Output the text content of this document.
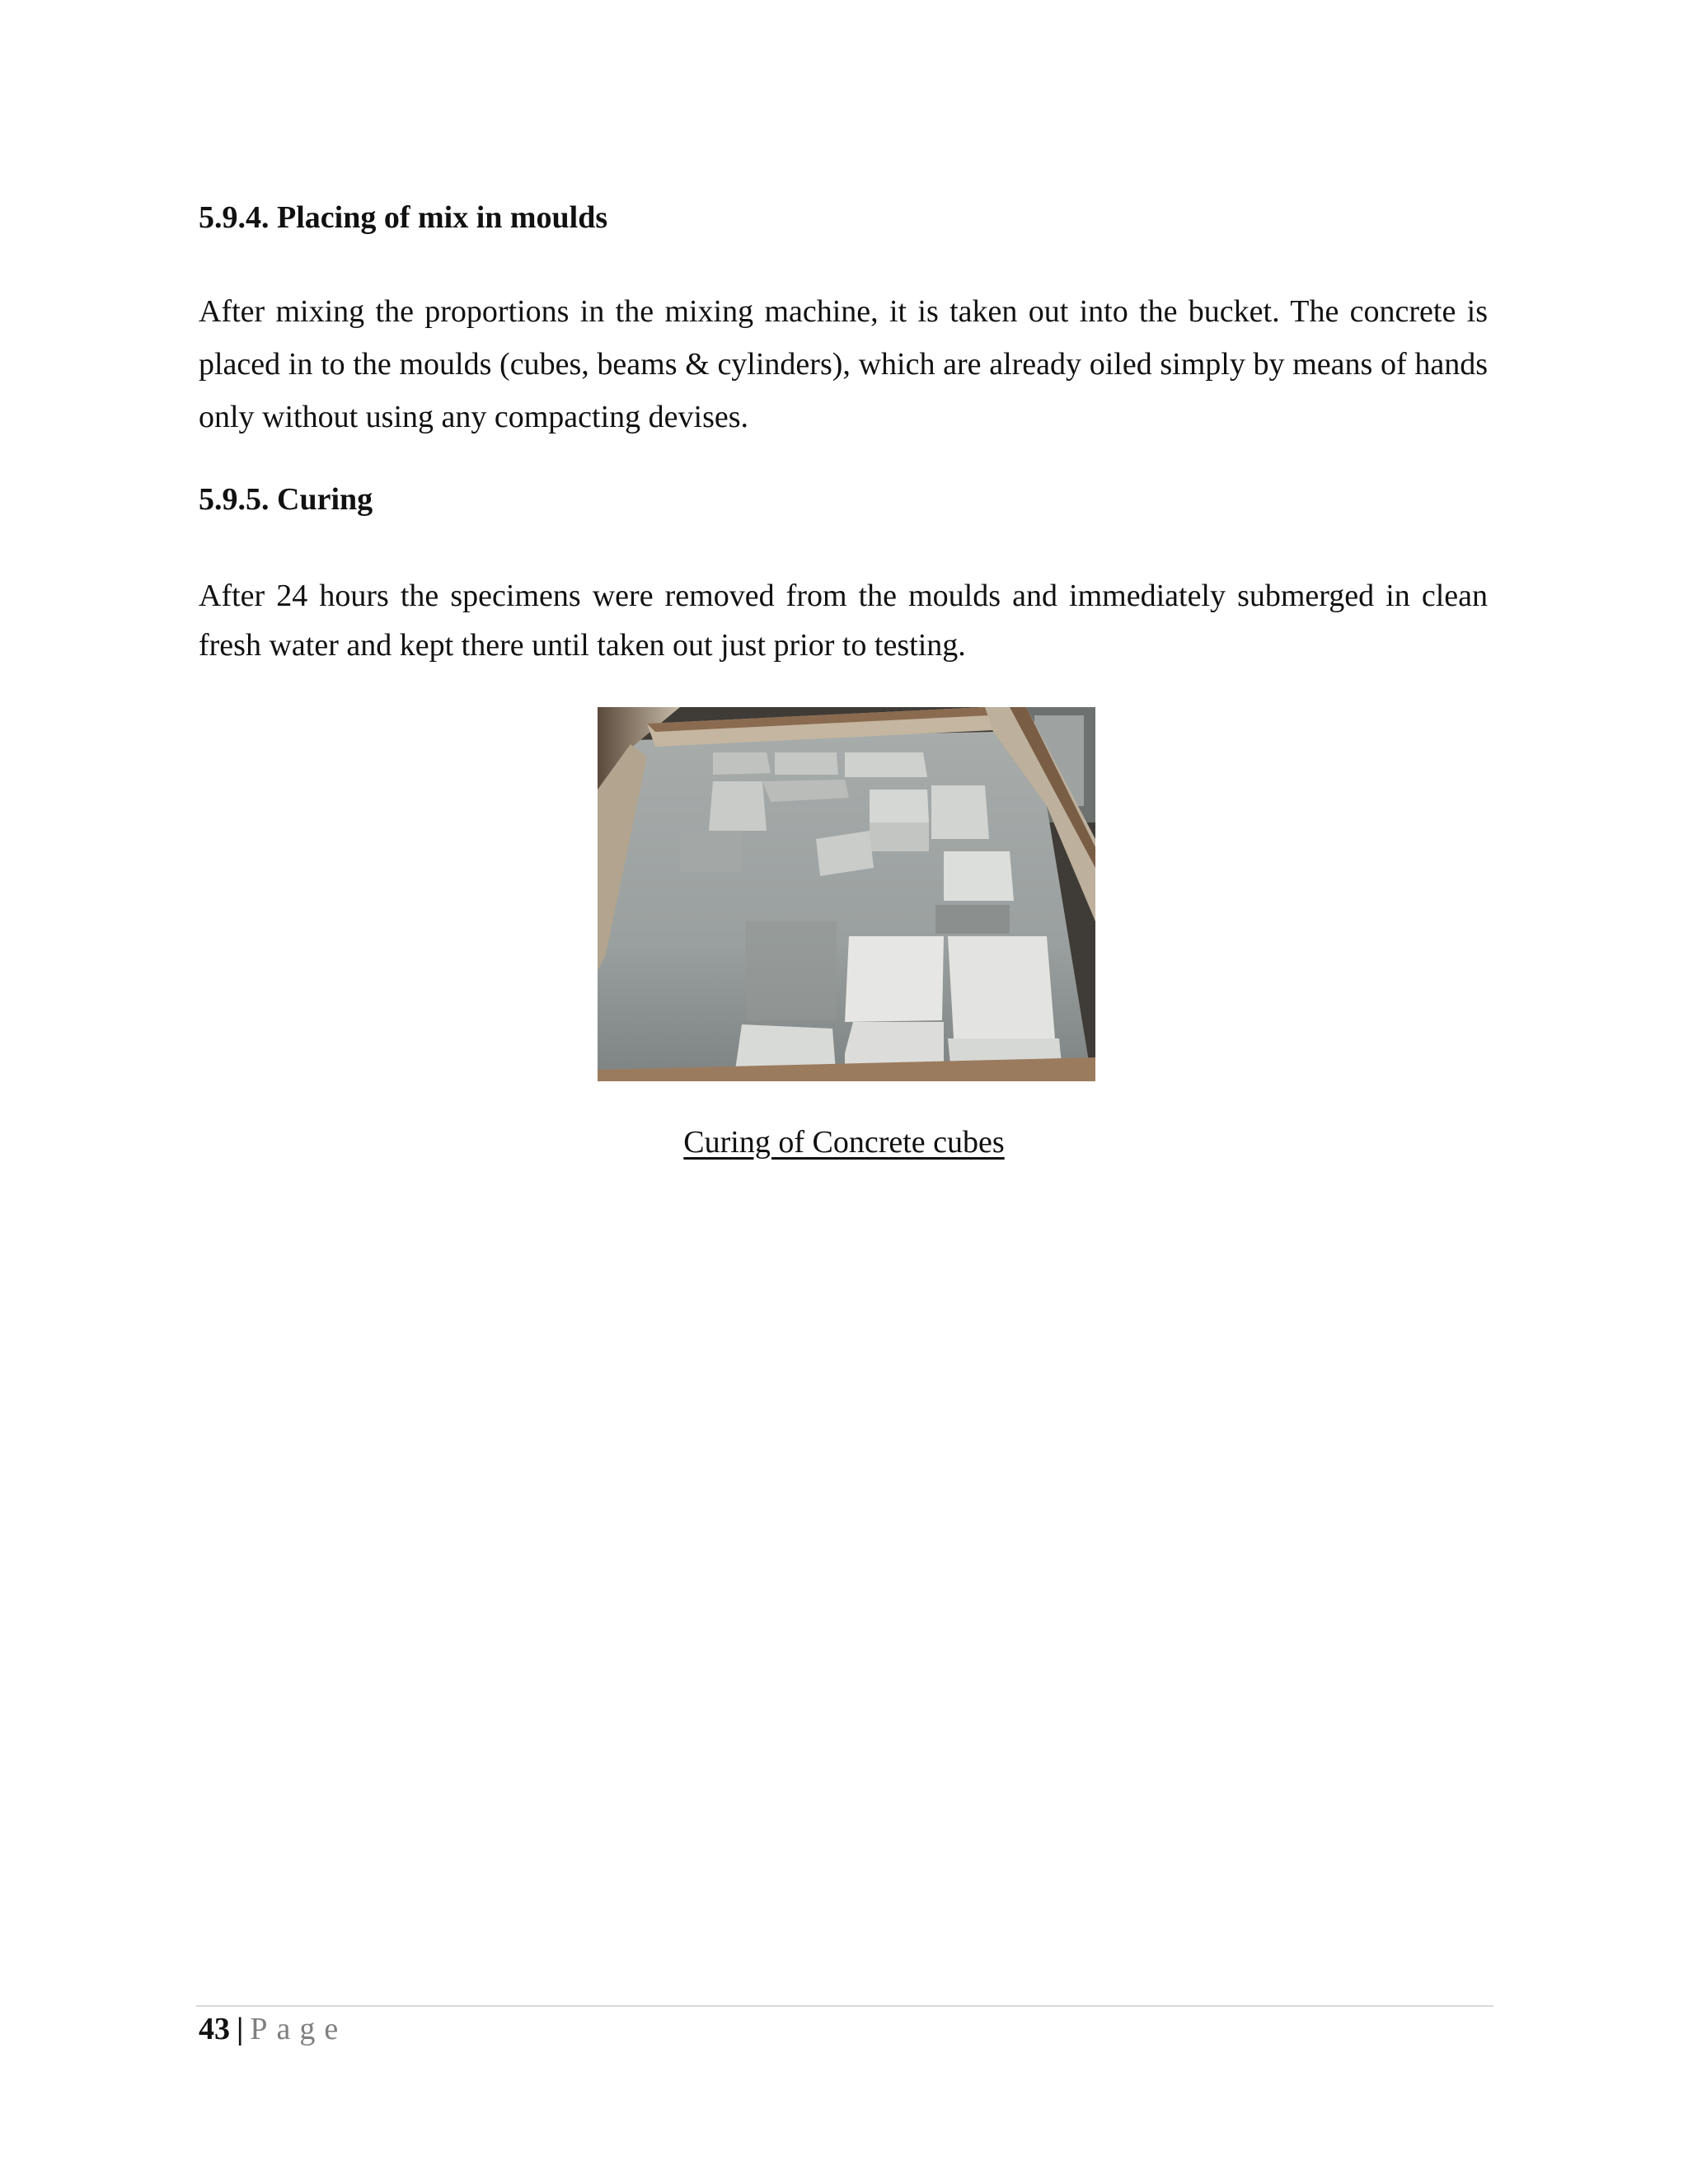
5.9.4. Placing of mix in moulds

After mixing the proportions in the mixing machine, it is taken out into the bucket. The concrete is placed in to the moulds (cubes, beams & cylinders), which are already oiled simply by means of hands only without using any compacting devises.

5.9.5. Curing

After 24 hours the specimens were removed from the moulds and immediately submerged in clean fresh water and kept there until taken out just prior to testing.

Curing of Concrete cubes

43 | Page
